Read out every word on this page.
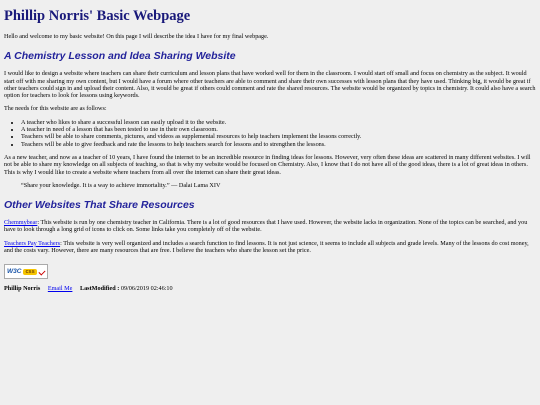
Phillip Norris' Basic Webpage

Hello and welcome to my basic website! On this page I will describe the idea I have for my final webpage.

A Chemistry Lesson and Idea Sharing Website

I would like to design a website where teachers can share their curriculum and lesson plans that have worked well for them in the classroom. I would start off small and focus on chemistry as the subject. It would start off with me sharing my own content, but I would have a forum where other teachers are able to comment and share their own successes with lesson plans that they have used. Thinking big, it would be great if other teachers could sign in and upload their content. Also, it would be great if others could comment and rate the shared resources. The website would be organized by topics in chemistry. It could also have a search option for teachers to look for lessons using keywords.

The needs for this website are as follows:

• A teacher who likes to share a successful lesson can easily upload it to the website.
• A teacher in need of a lesson that has been tested to use in their own classroom.
• Teachers will be able to share comments, pictures, and videos as supplemental resources to help teachers implement the lessons correctly.
• Teachers will be able to give feedback and rate the lessons to help teachers search for lessons and to strengthen the lessons.

As a new teacher, and now as a teacher of 10 years, I have found the internet to be an incredible resource in finding ideas for lessons. However, very often these ideas are scattered in many different websites. I will not be able to share my knowledge on all subjects of teaching, so that is why my website would be focused on Chemistry. Also, I know that I do not have all of the good ideas, there is a lot of great ideas in others. This is why I would like to create a website where teachers from all over the internet can share their great ideas.

“Share your knowledge. It is a way to achieve immortality.” — Dalai Lama XIV
Other Websites That Share Resources

Chemmybear: This website is run by one chemistry teacher in California. There is a lot of good resources that I have used. However, the website lacks in organization. None of the topics can be searched, and you have to look through a long grid of icons to click on. Some links take you completely off of the website.

Teachers Pay Teachers: This website is very well organized and includes a search function to find lessons. It is not just science, it seems to include all subjects and grade levels. Many of the lessons do cost money, and the costs vary. However, there are many resources that are free. I believe the teachers who share the lesson set the price.

W3C css
Phillip Norris Email Me LastModified : 09/06/2019 02:46:10
